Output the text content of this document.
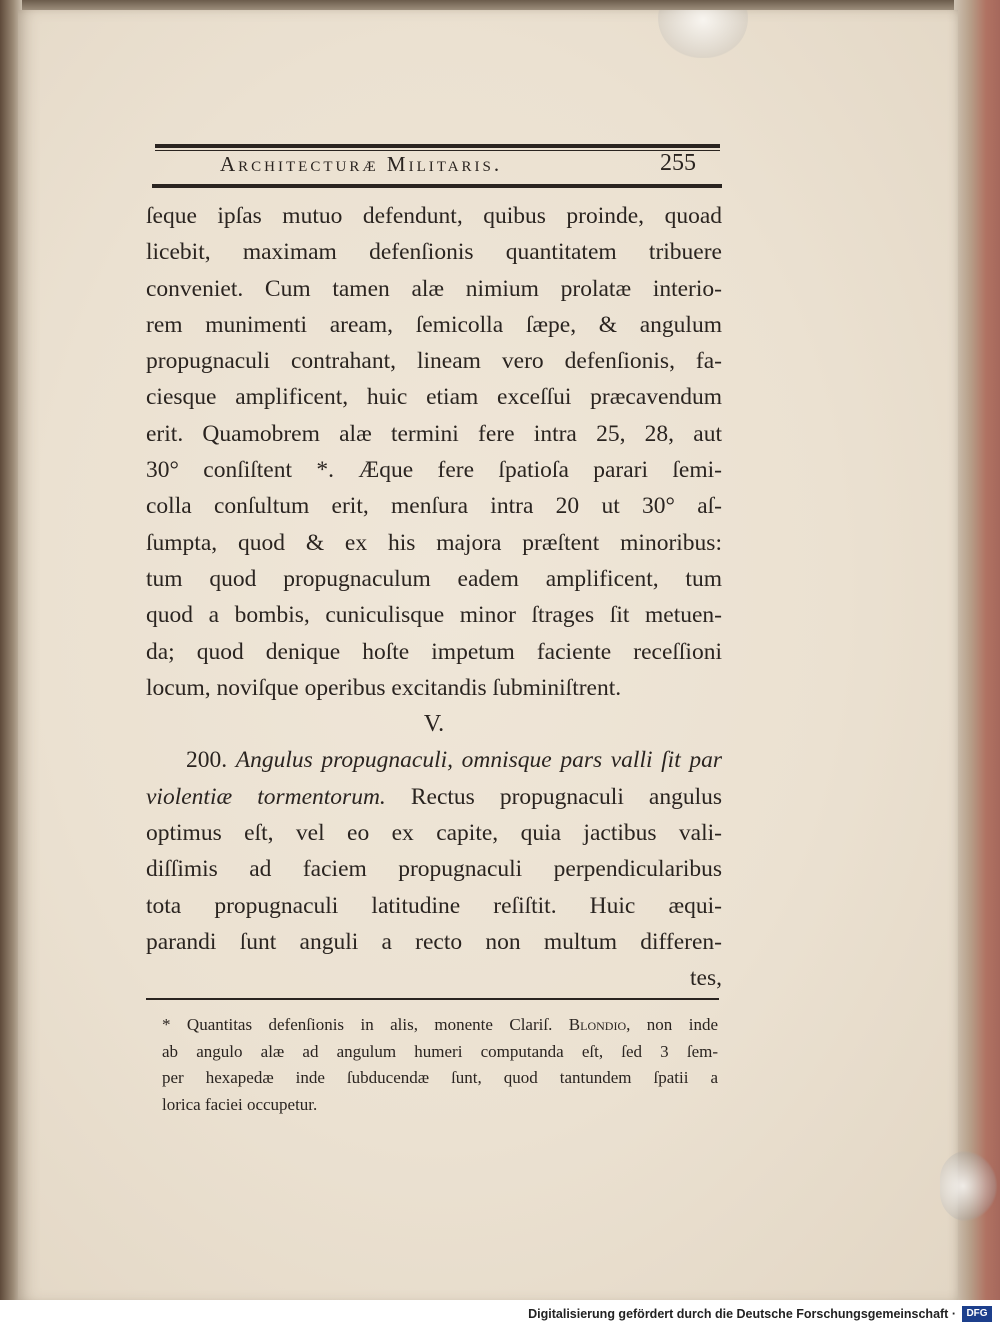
Architecturæ Militaris.	255
ſeque ipſas mutuo defendunt, quibus proinde, quoad
licebit, maximam defenſionis quantitatem tribuere
conveniet. Cum tamen alæ nimium prolatæ interio-
rem munimenti aream, ſemicolla ſæpe, & angulum
propugnaculi contrahant, lineam vero defenſionis, fa-
ciesque amplificent, huic etiam exceſſui præcavendum
erit. Quamobrem alæ termini fere intra 25, 28, aut
30° conſiſtent *. Æque fere ſpatioſa parari ſemi-
colla conſultum erit, menſura intra 20 ut 30° aſ-
ſumpta, quod & ex his majora præſtent minoribus:
tum quod propugnaculum eadem amplificent, tum
quod a bombis, cuniculisque minor ſtrages ſit metuen-
da; quod denique hoſte impetum faciente receſſioni
locum, noviſque operibus excitandis ſubminiſtrent.
V.
200. Angulus propugnaculi, omnisque pars valli ſit par
violentiæ tormentorum. Rectus propugnaculi angulus
optimus eſt, vel eo ex capite, quia jactibus vali-
diſſimis ad faciem propugnaculi perpendicularibus
tota propugnaculi latitudine reſiſtit. Huic æqui-
parandi ſunt anguli a recto non multum differen-
tes,
* Quantitas defenſionis in alis, monente Clariſ. Blondio, non inde
ab angulo alæ ad angulum humeri computanda eſt, ſed 3 ſem-
per hexapedæ inde ſubducendæ ſunt, quod tantundem ſpatii a
lorica faciei occupetur.
Digitalisierung gefördert durch die Deutsche Forschungsgemeinschaft ·	DFG
